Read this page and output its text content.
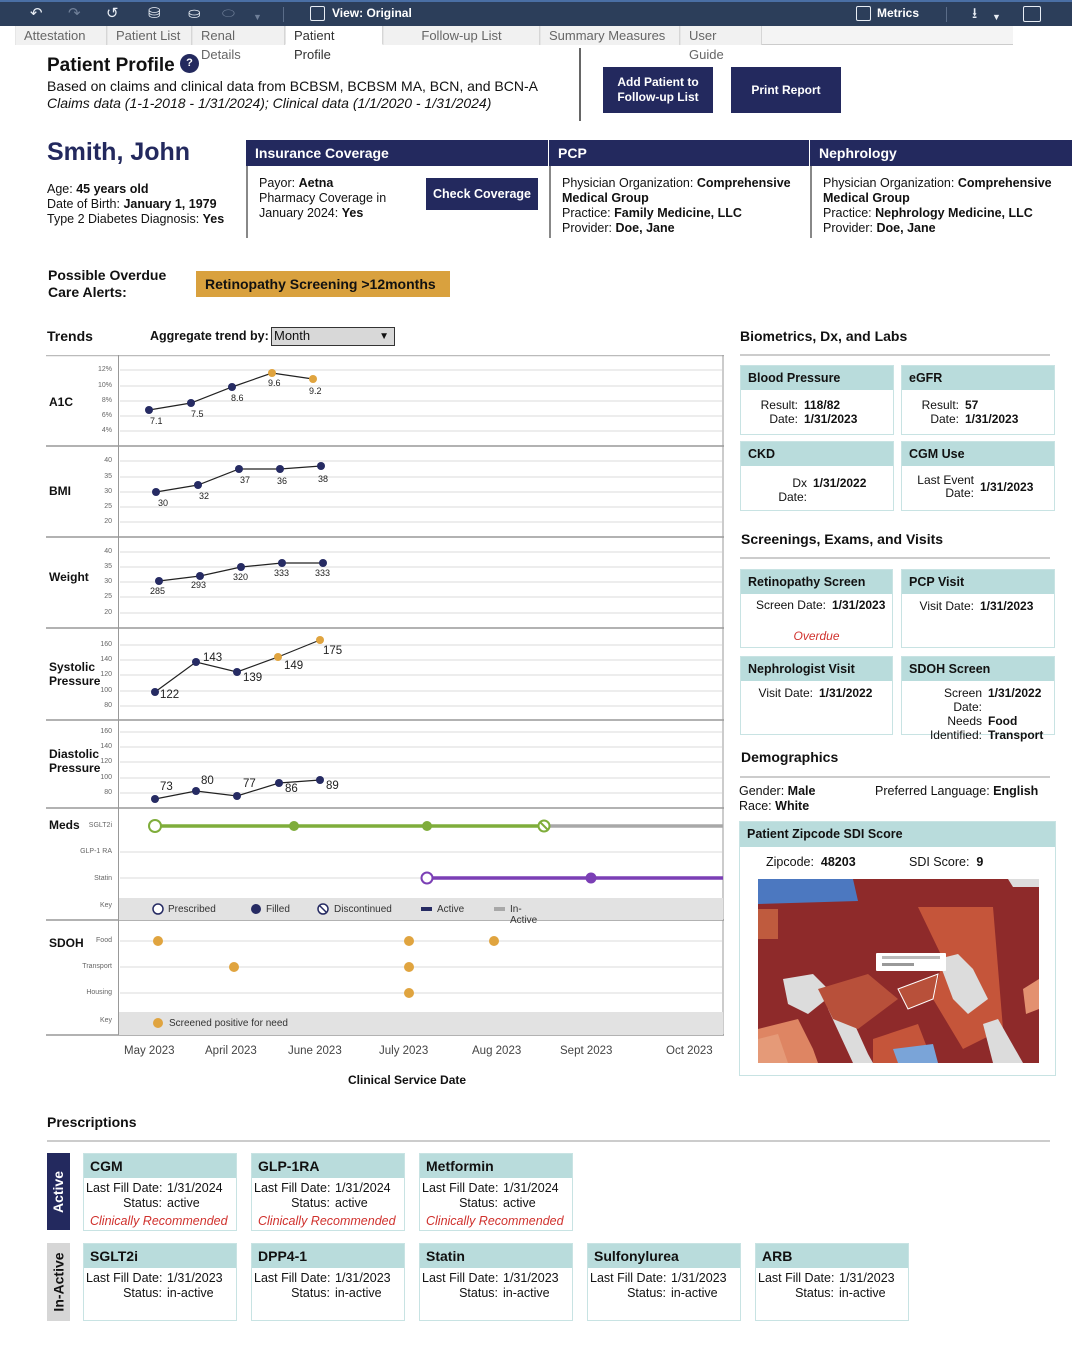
↶ ↷ ↺ ⛁ ⛀ ⬭ ▼	View: Original	Metrics	⭳ ▼
Attestation	Patient List	Renal Details
Patient Profile
Follow-up List	Summary Measures	User Guide
Patient Profile	?
Based on claims and clinical data from BCBSM, BCBSM MA, BCN, and BCN-A
Claims data (1-1-2018 - 1/31/2024); Clinical data (1/1/2020 - 1/31/2024)
Add Patient to Follow-up List
Print Report
Smith, John
Age: 45 years old
Date of Birth: January 1, 1979
Type 2 Diabetes Diagnosis: Yes
Insurance Coverage
Payor: Aetna
Pharmacy Coverage in
January 2024: Yes
Check Coverage
PCP
Physician Organization: Comprehensive
Medical Group
Practice: Family Medicine, LLC
Provider: Doe, Jane
Nephrology
Physician Organization: Comprehensive
Medical Group
Practice: Nephrology Medicine, LLC
Provider: Doe, Jane
Possible Overdue
Care Alerts:	Retinopathy Screening >12months
Trends	Aggregate trend by: Month	▼
A1C
BMI
Weight
Systolic
Pressure
Diastolic
Pressure
Meds
SDOH
12%
10%
8%
6%
4%
40
35
30
25
20
40
35
30
25
20
160
140
120
100
80
160
140
120
100
80
SGLT2i
GLP-1 RA
Statin
Key
Food
Transport
Housing
Key
7.1
7.5
8.6
9.6
9.2
30
32
37	36	38
285
293
320	333	333
122
143
139
149
175
73 80	77	86 89
Prescribed	Filled	Discontinued	Active	In-Active
Screened positive for need
May 2023	April 2023	June 2023	July 2023	Aug 2023	Sept 2023	Oct 2023
Clinical Service Date
Biometrics, Dx, and Labs
Blood Pressure
Result: 118/82
Date: 1/31/2023
eGFR
Result: 57
Date: 1/31/2023
CKD
Dx Date:
1/31/2022
CGM Use
Last Event
Date: 1/31/2023
Screenings, Exams, and Visits
Retinopathy Screen
Screen Date: 1/31/2023
Overdue
PCP Visit
Visit Date: 1/31/2023
Nephrologist Visit
Visit Date: 1/31/2022
SDOH Screen
Screen Date:
1/31/2022
Needs Food
Identified: Transport
Demographics
Gender: Male
Race: White
Preferred Language: English
Patient Zipcode SDI Score
Zipcode: 48203	SDI Score: 9
Prescriptions
Active
In-Active
CGM
Last Fill Date: 1/31/2024
Status: active
Clinically Recommended
GLP-1RA
Last Fill Date: 1/31/2024
Status: active
Clinically Recommended
Metformin
Last Fill Date: 1/31/2024
Status: active
Clinically Recommended
SGLT2i
Last Fill Date: 1/31/2023
Status: in-active
DPP4-1
Last Fill Date: 1/31/2023
Status: in-active
Statin
Last Fill Date: 1/31/2023
Status: in-active
Sulfonylurea
Last Fill Date: 1/31/2023
Status: in-active
ARB
Last Fill Date: 1/31/2023
Status: in-active
